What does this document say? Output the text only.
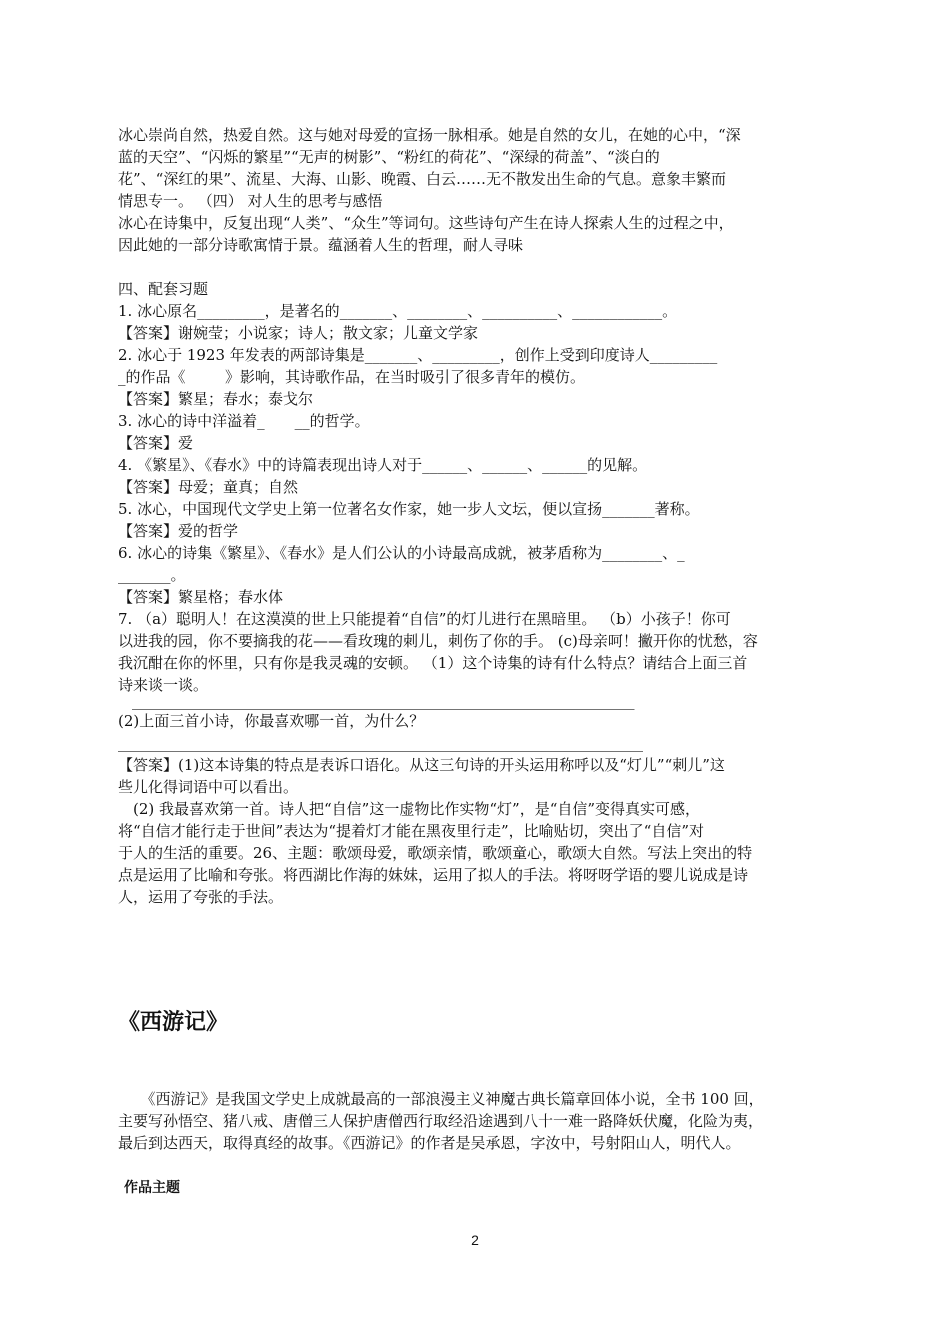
冰心崇尚自然，热爱自然。这与她对母爱的宣扬一脉相承。她是自然的女儿，在她的心中，“深
蓝的天空”、“闪烁的繁星”“无声的树影”、“粉红的荷花”、“深绿的荷盖”、“淡白的
花”、“深红的果”、流星、大海、山影、晚霞、白云……无不散发出生命的气息。意象丰繁而
情思专一。 （四） 对人生的思考与感悟
冰心在诗集中，反复出现“人类”、“众生”等词句。这些诗句产生在诗人探索人生的过程之中，
因此她的一部分诗歌寓情于景。蕴涵着人生的哲理，耐人寻味
四、配套习题
1. 冰心原名_________，是著名的_______、________、__________、____________。
【答案】谢婉莹；小说家；诗人；散文家；儿童文学家
2. 冰心于 1923 年发表的两部诗集是_______、_________，创作上受到印度诗人_________
_的作品《 　　 》影响，其诗歌作品，在当时吸引了很多青年的模仿。
【答案】繁星；春水；泰戈尔
3. 冰心的诗中洋溢着_　　__的哲学。
【答案】爱
4. 《繁星》、《春水》中的诗篇表现出诗人对于______、______、______的见解。
【答案】母爱；童真；自然
5. 冰心，中国现代文学史上第一位著名女作家，她一步人文坛，便以宣扬_______著称。
【答案】爱的哲学
6. 冰心的诗集《繁星》、《春水》是人们公认的小诗最高成就，被茅盾称为________、_
_______。
【答案】繁星格；春水体
7. （a）聪明人！在这漠漠的世上只能提着“自信”的灯儿进行在黑暗里。 （b）小孩子！你可
以进我的园，你不要摘我的花——看玫瑰的刺儿，刺伤了你的手。 (c)母亲呵！撇开你的忧愁，容
我沉酣在你的怀里，只有你是我灵魂的安顿。 （1）这个诗集的诗有什么特点？请结合上面三首
诗来谈一谈。
___________________________________________________________________
(2)上面三首小诗，你最喜欢哪一首，为什么？
______________________________________________________________________
【答案】(1)这本诗集的特点是表诉口语化。从这三句诗的开头运用称呼以及“灯儿”“刺儿”这
些儿化得词语中可以看出。
　(2) 我最喜欢第一首。诗人把“自信”这一虚物比作实物“灯”，是“自信”变得真实可感，
将“自信才能行走于世间”表达为“提着灯才能在黑夜里行走”，比喻贴切，突出了“自信”对
于人的生活的重要。26、主题：歌颂母爱，歌颂亲情，歌颂童心，歌颂大自然。写法上突出的特
点是运用了比喻和夸张。将西湖比作海的妹妹，运用了拟人的手法。将呀呀学语的婴儿说成是诗
人，运用了夸张的手法。
《西游记》
　　《西游记》是我国文学史上成就最高的一部浪漫主义神魔古典长篇章回体小说，全书 100 回，
主要写孙悟空、猪八戒、唐僧三人保护唐僧西行取经沿途遇到八十一难一路降妖伏魔，化险为夷，
最后到达西天，取得真经的故事。《西游记》的作者是吴承恩，字汝中，号射阳山人，明代人。
作品主题
2
